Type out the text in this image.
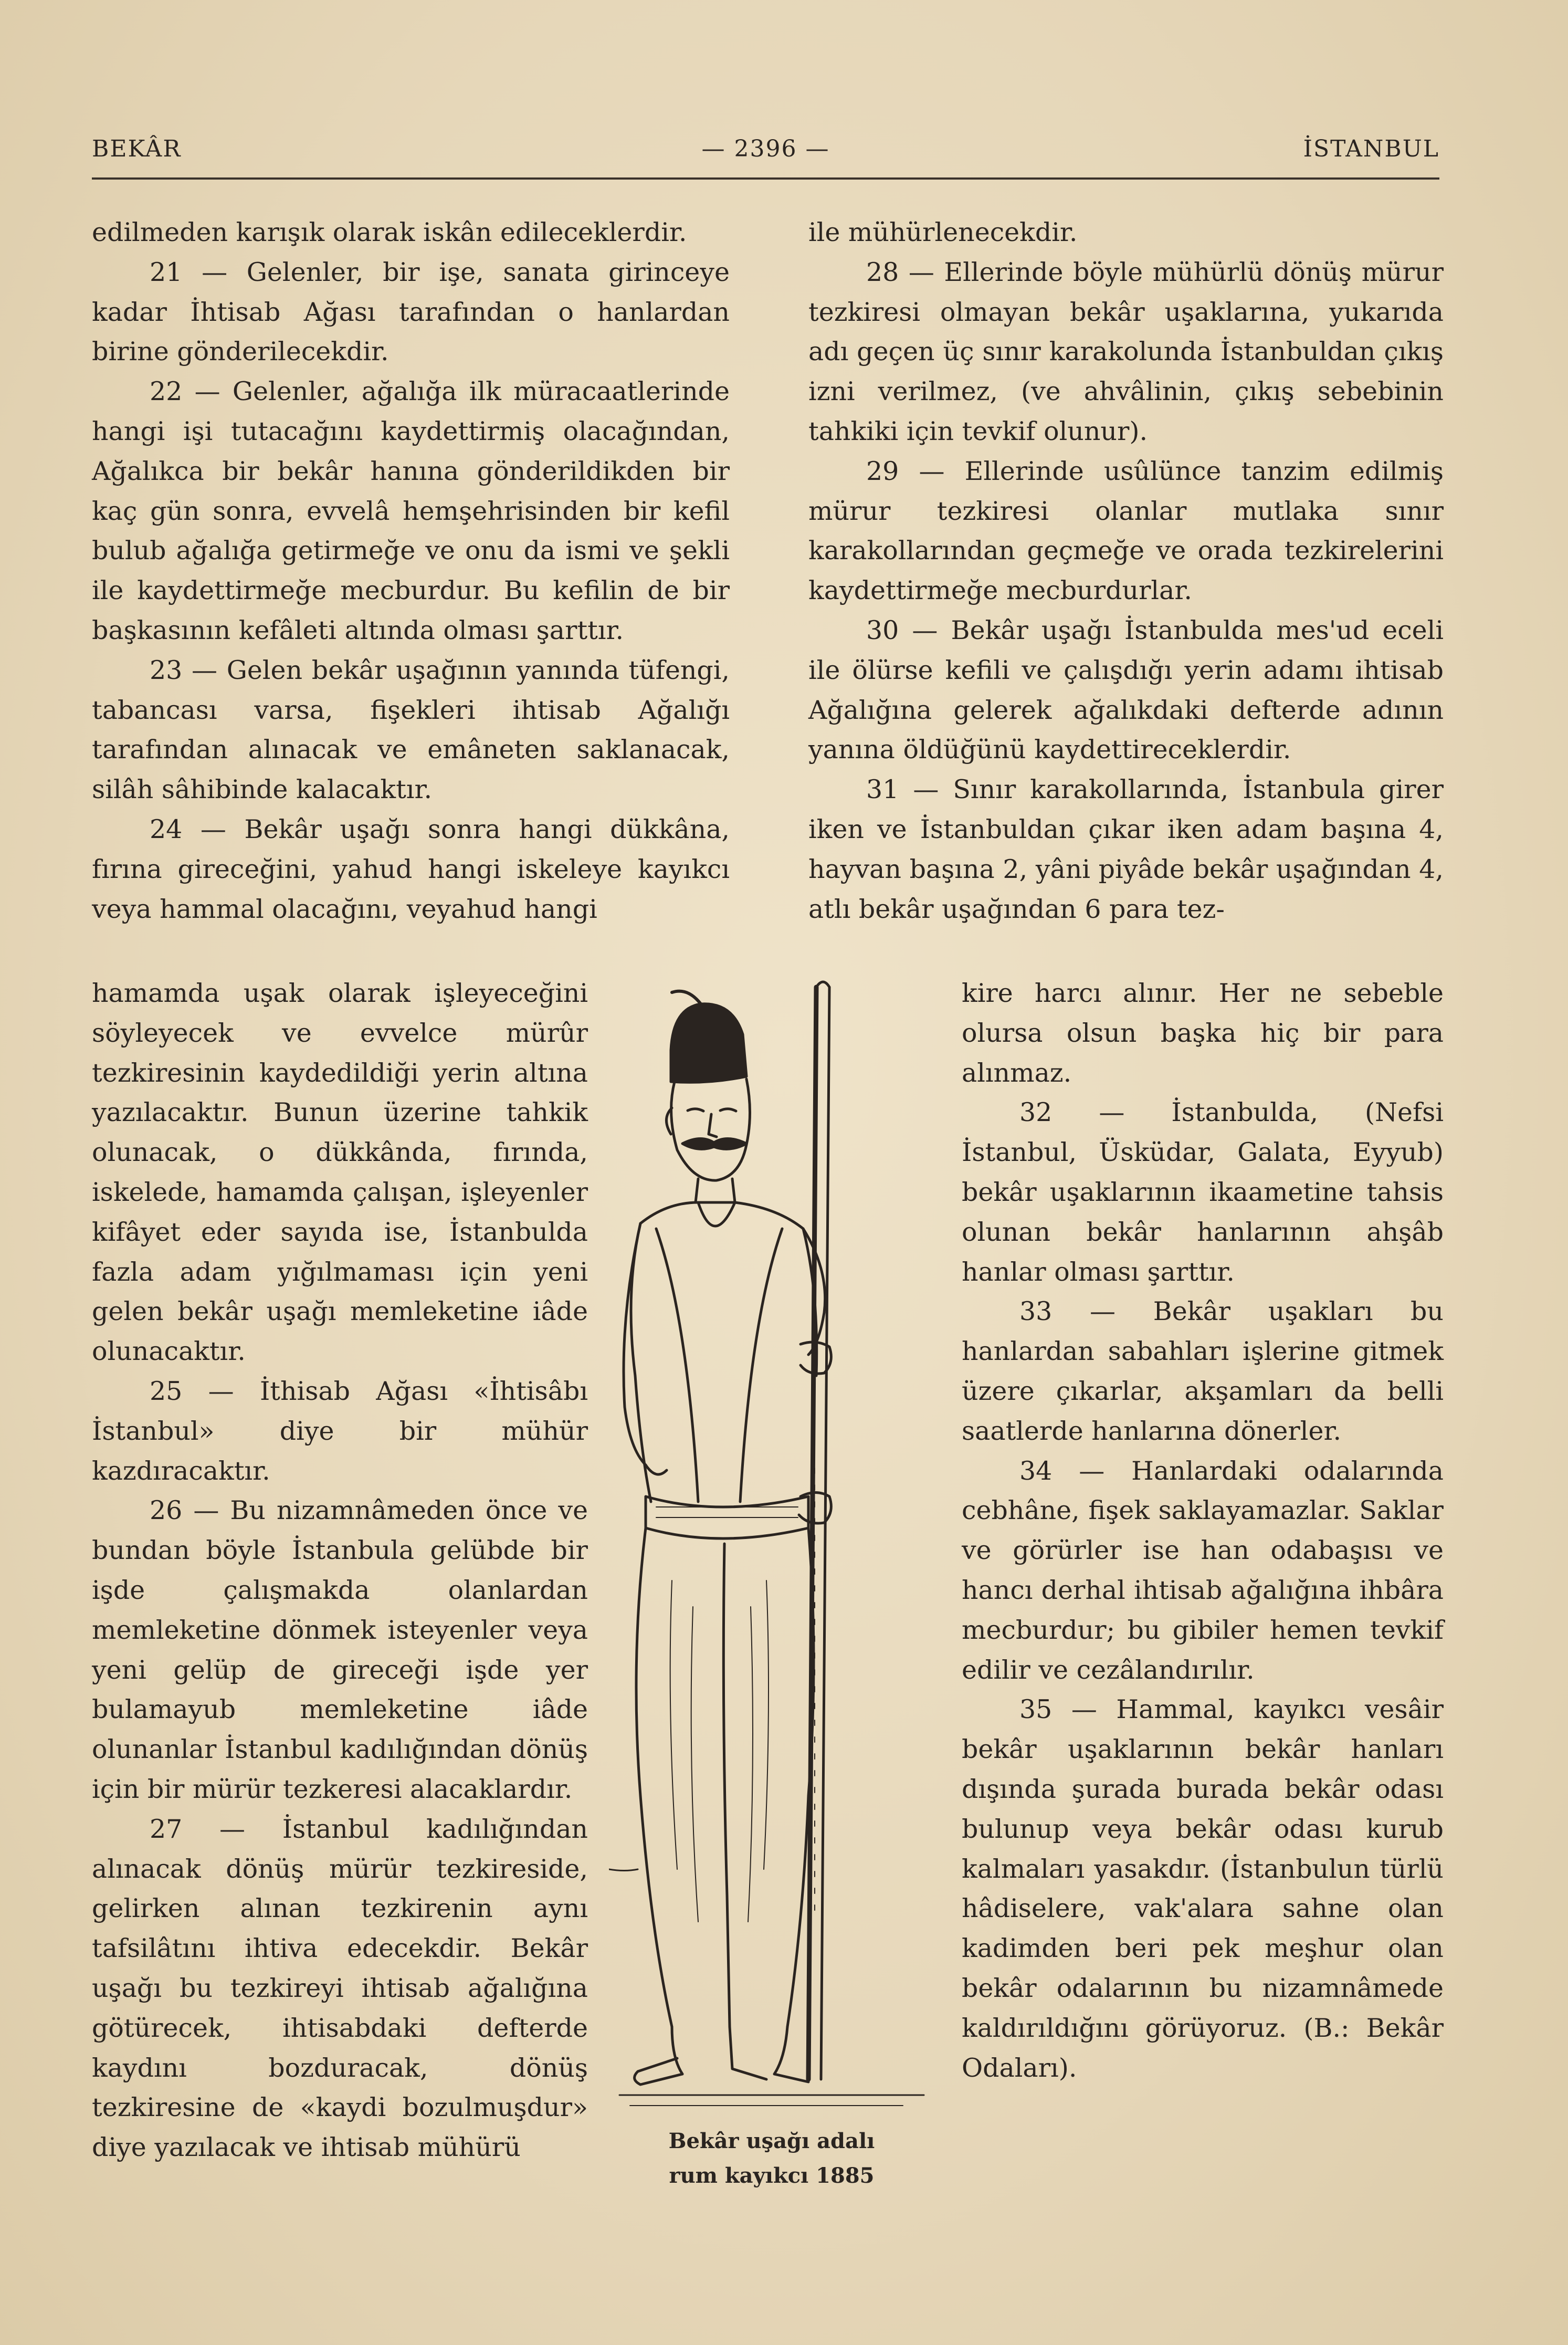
BEKÂR	— 2396 —	İSTANBUL

edilmeden karışık olarak iskân edileceklerdir.

21 — Gelenler, bir işe, sanata girinceye kadar İhtisab Ağası tarafından o hanlardan birine gönderilecekdir.

22 — Gelenler, ağalığa ilk müracaatlerinde hangi işi tutacağını kaydettirmiş olacağından, Ağalıkca bir bekâr hanına gönderildikden bir kaç gün sonra, evvelâ hemşehrisinden bir kefil bulub ağalığa getirmeğe ve onu da ismi ve şekli ile kaydettirmeğe mecburdur. Bu kefilin de bir başkasının kefâleti altında olması şarttır.

23 — Gelen bekâr uşağının yanında tüfengi, tabancası varsa, fişekleri ihtisab Ağalığı tarafından alınacak ve emâneten saklanacak, silâh sâhibinde kalacaktır.

24 — Bekâr uşağı sonra hangi dükkâna, fırına gireceğini, yahud hangi iskeleye kayıkcı veya hammal olacağını, veyahud hangi

ile mühürlenecekdir.

28 — Ellerinde böyle mühürlü dönüş mürur tezkiresi olmayan bekâr uşaklarına, yukarıda adı geçen üç sınır karakolunda İstanbuldan çıkış izni verilmez, (ve ahvâlinin, çıkış sebebinin tahkiki için tevkif olunur).

29 — Ellerinde usûlünce tanzim edilmiş mürur tezkiresi olanlar mutlaka sınır karakollarından geçmeğe ve orada tezkirelerini kaydettirmeğe mecburdurlar.

30 — Bekâr uşağı İstanbulda mes'ud eceli ile ölürse kefili ve çalışdığı yerin adamı ihtisab Ağalığına gelerek ağalıkdaki defterde adının yanına öldüğünü kaydettireceklerdir.

31 — Sınır karakollarında, İstanbula girer iken ve İstanbuldan çıkar iken adam başına 4, hayvan başına 2, yâni piyâde bekâr uşağından 4, atlı bekâr uşağından 6 para tez-

hamamda uşak olarak işleyeceğini söyleyecek ve evvelce mürûr tezkiresinin kaydedildiği yerin altına yazılacaktır. Bunun üzerine tahkik olunacak, o dükkânda, fırında, iskelede, hamamda çalışan, işleyenler kifâyet eder sayıda ise, İstanbulda fazla adam yığılmaması için yeni gelen bekâr uşağı memleketine iâde olunacaktır.

25 — İthisab Ağası «İhtisâbı İstanbul» diye bir mühür kazdıracaktır.

26 — Bu nizamnâmeden önce ve bundan böyle İstanbula gelübde bir işde çalışmakda olanlardan memleketine dönmek isteyenler veya yeni gelüp de gireceği işde yer bulamayub memleketine iâde olunanlar İstanbul kadılığından dönüş için bir mürür tezkeresi alacaklardır.

27 — İstanbul kadılığından alınacak dönüş mürür tezkireside, gelirken alınan tezkirenin aynı tafsilâtını ihtiva edecekdir. Bekâr uşağı bu tezkireyi ihtisab ağalığına götürecek, ihtisabdaki defterde kaydını bozduracak, dönüş tezkiresine de «kaydi bozulmuşdur» diye yazılacak ve ihtisab mühürü

kire harcı alınır. Her ne sebeble olursa olsun başka hiç bir para alınmaz.

32 — İstanbulda, (Nefsi İstanbul, Üsküdar, Galata, Eyyub) bekâr uşaklarının ikaametine tahsis olunan bekâr hanlarının ahşâb hanlar olması şarttır.

33 — Bekâr uşakları bu hanlardan sabahları işlerine gitmek üzere çıkarlar, akşamları da belli saatlerde hanlarına dönerler.

34 — Hanlardaki odalarında cebhâne, fişek saklayamazlar. Saklar ve görürler ise han odabaşısı ve hancı derhal ihtisab ağalığına ihbâra mecburdur; bu gibiler hemen tevkif edilir ve cezâlandırılır.

35 — Hammal, kayıkcı vesâir bekâr uşaklarının bekâr hanları dışında şurada burada bekâr odası bulunup veya bekâr odası kurub kalmaları yasakdır. (İstanbulun türlü hâdiselere, vak'alara sahne olan kadimden beri pek meşhur olan bekâr odalarının bu nizamnâmede kaldırıldığını görüyoruz. (B.: Bekâr Odaları).

Bekâr uşağı adalı
rum kayıkcı 1885
